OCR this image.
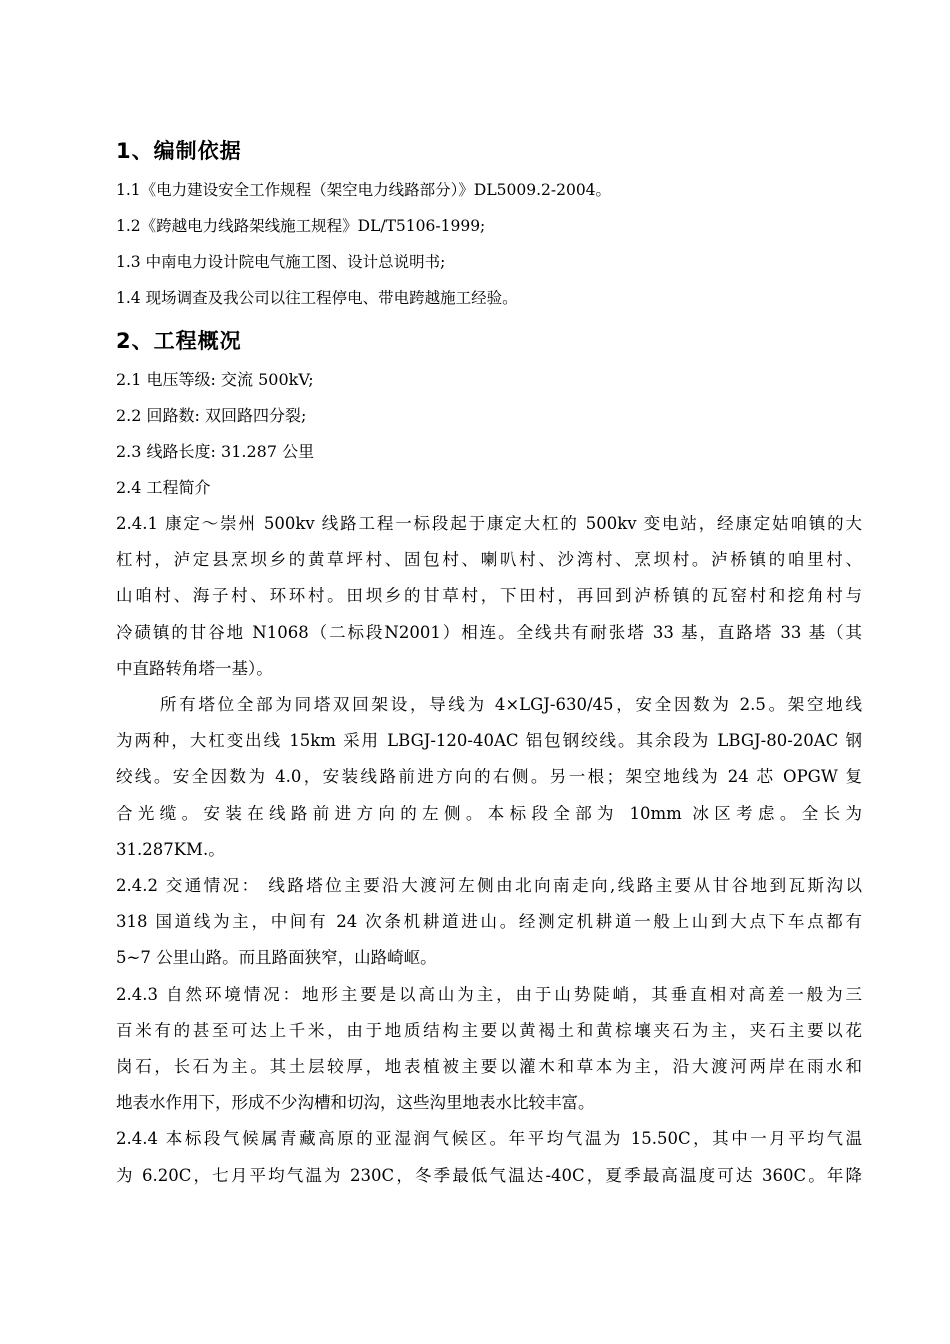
1、编制依据

1.1《电力建设安全工作规程（架空电力线路部分）》DL5009.2-2004。

1.2《跨越电力线路架线施工规程》DL/T5106-1999;

1.3 中南电力设计院电气施工图、设计总说明书;

1.4 现场调查及我公司以往工程停电、带电跨越施工经验。

2、工程概况

2.1 电压等级: 交流 500kV;

2.2 回路数: 双回路四分裂;

2.3 线路长度: 31.287 公里

2.4 工程简介

2.4.1 康定～崇州 500kv 线路工程一标段起于康定大杠的 500kv 变电站，经康定姑咱镇的大
杠村，泸定县烹坝乡的黄草坪村、固包村、喇叭村、沙湾村、烹坝村。泸桥镇的咱里村、
山咱村、海子村、环环村。田坝乡的甘草村，下田村，再回到泸桥镇的瓦窑村和挖角村与
冷碛镇的甘谷地 N1068（二标段N2001）相连。全线共有耐张塔 33 基，直路塔 33 基（其
中直路转角塔一基）。
所有塔位全部为同塔双回架设，导线为 4×LGJ-630/45，安全因数为 2.5。架空地线
为两种，大杠变出线 15km 采用 LBGJ-120-40AC 铝包钢绞线。其余段为 LBGJ-80-20AC 钢
绞线。安全因数为 4.0，安装线路前进方向的右侧。另一根；架空地线为 24 芯 OPGW 复
合光缆。安装在线路前进方向的左侧。本标段全部为 10mm 冰区考虑。全长为
31.287KM.。
2.4.2 交通情况： 线路塔位主要沿大渡河左侧由北向南走向,线路主要从甘谷地到瓦斯沟以
318 国道线为主，中间有 24 次条机耕道进山。经测定机耕道一般上山到大点下车点都有
5~7 公里山路。而且路面狭窄，山路崎岖。
2.4.3 自然环境情况：地形主要是以高山为主，由于山势陡峭，其垂直相对高差一般为三
百米有的甚至可达上千米，由于地质结构主要以黄褐土和黄棕壤夹石为主，夹石主要以花
岗石，长石为主。其土层较厚，地表植被主要以灌木和草本为主，沿大渡河两岸在雨水和
地表水作用下，形成不少沟槽和切沟，这些沟里地表水比较丰富。
2.4.4 本标段气候属青藏高原的亚湿润气候区。年平均气温为 15.50C，其中一月平均气温
为 6.20C，七月平均气温为 230C，冬季最低气温达-40C，夏季最高温度可达 360C。年降
